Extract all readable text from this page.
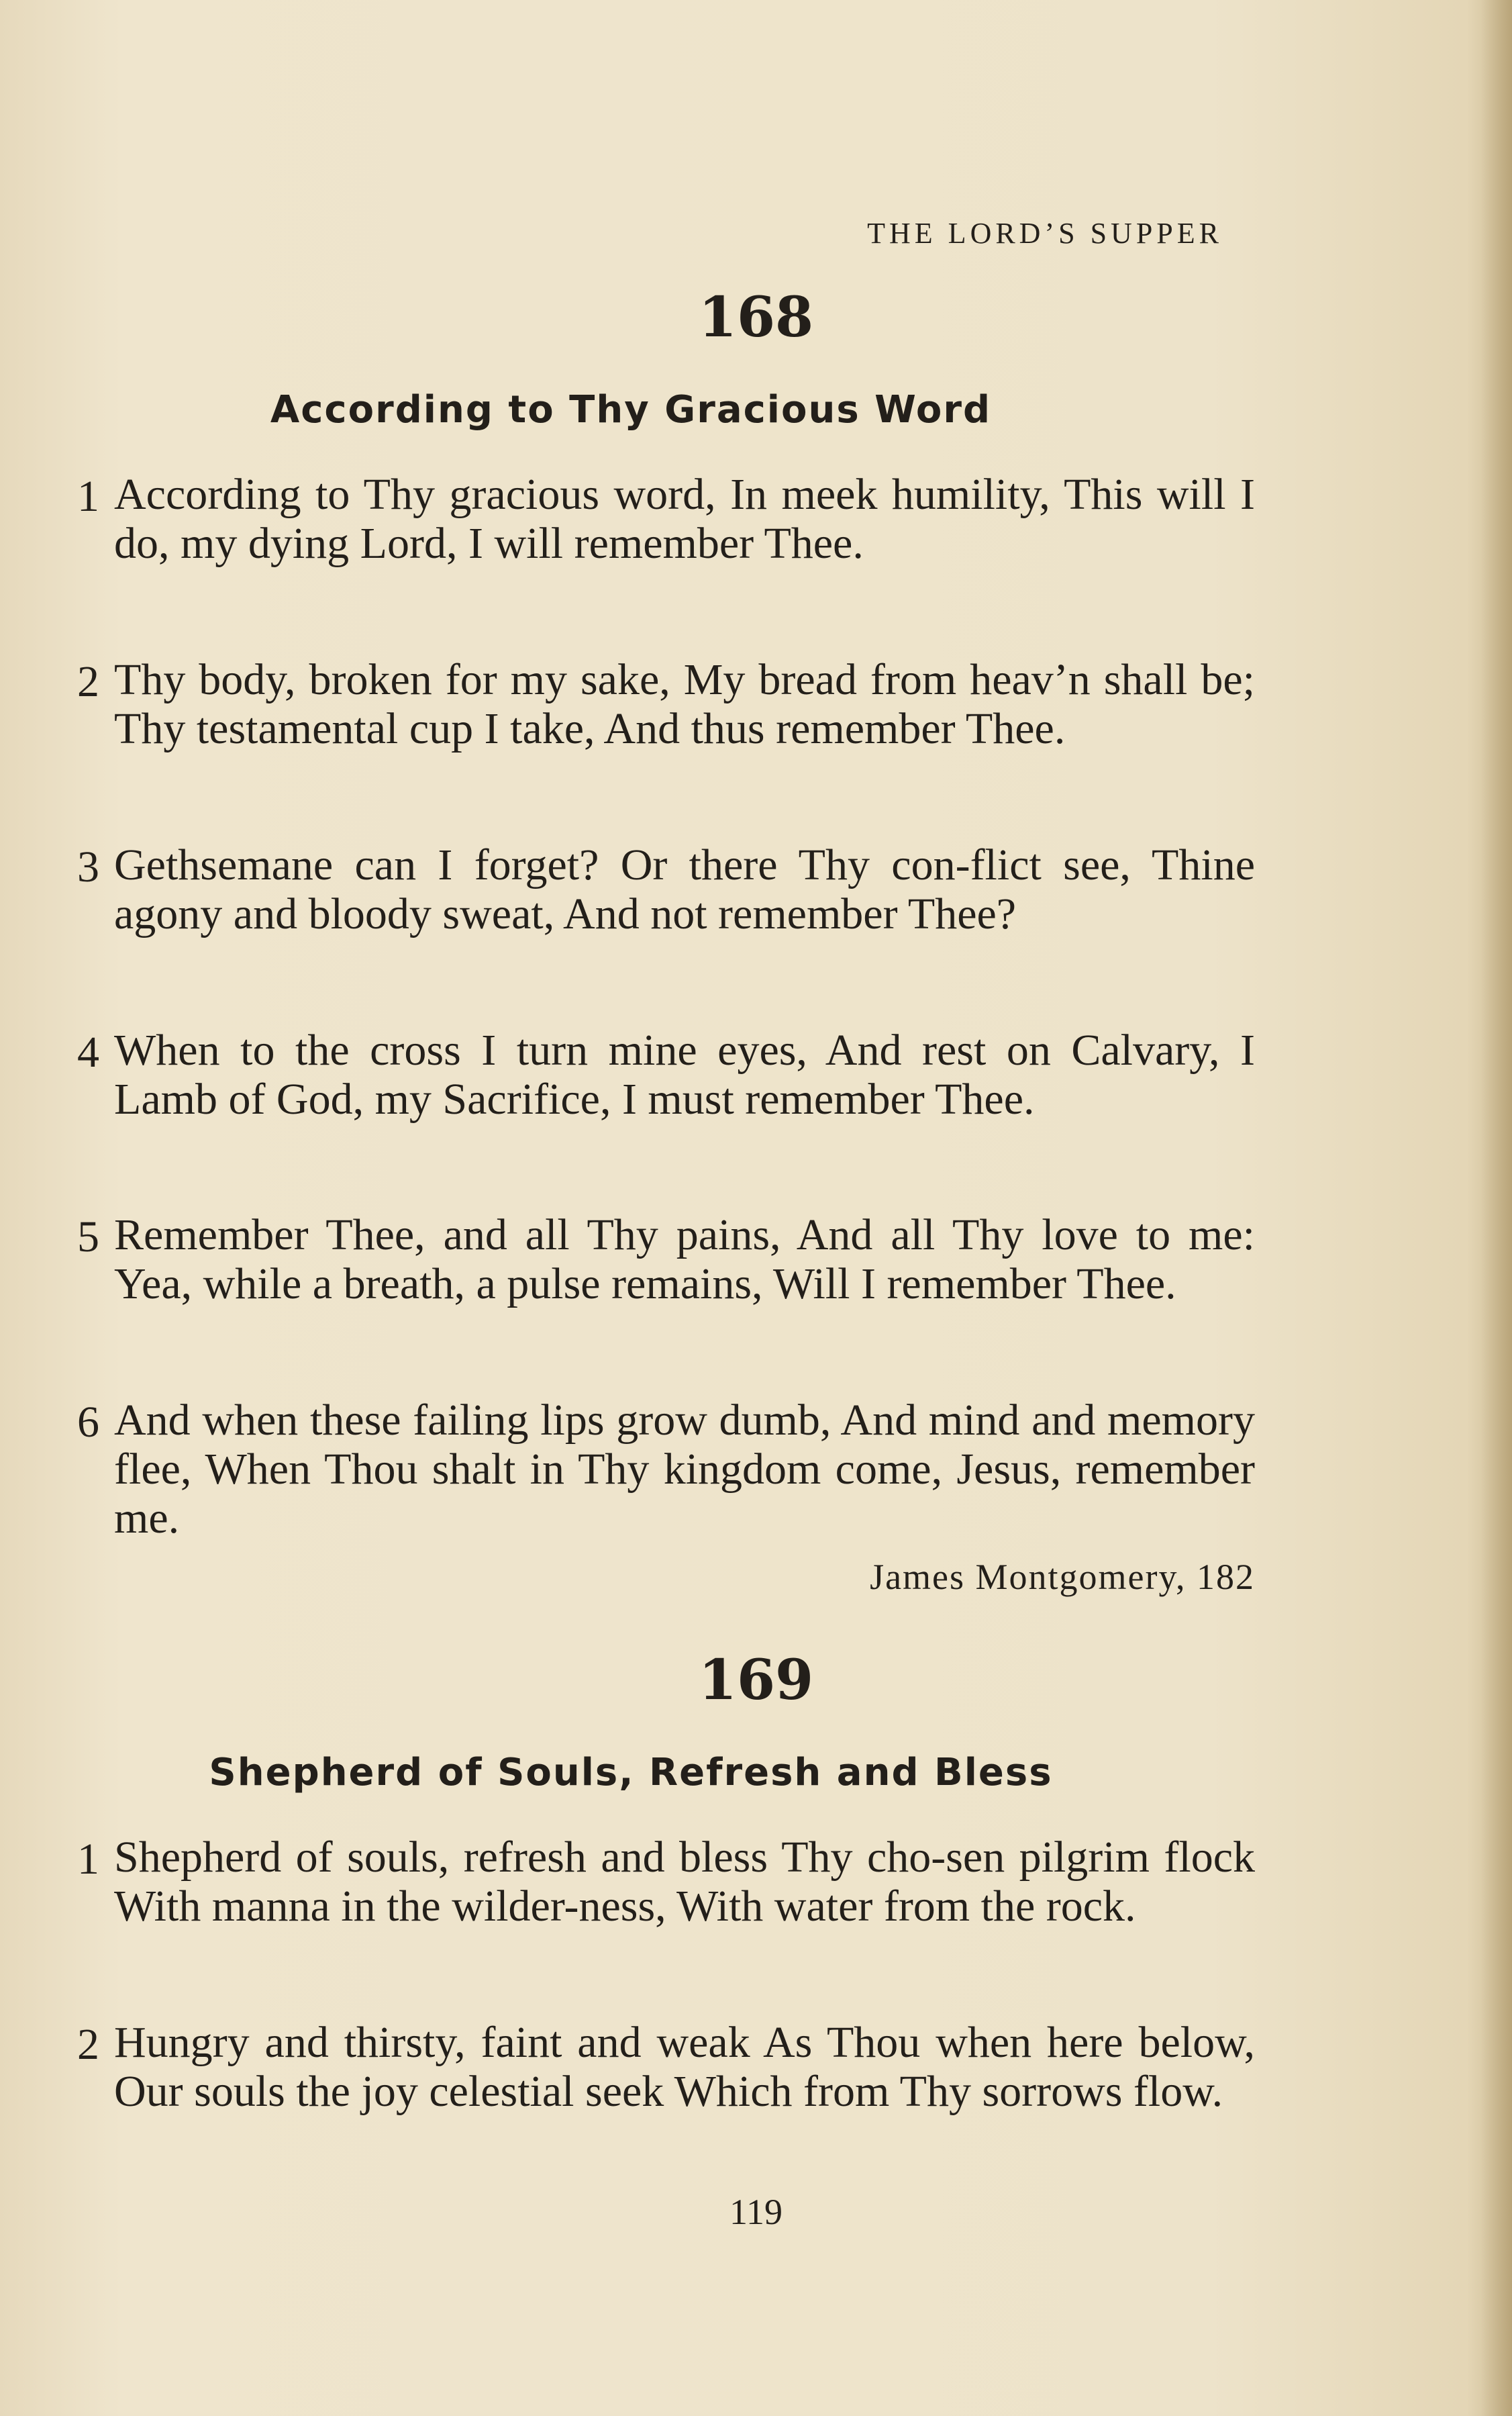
THE LORD’S SUPPER
168
According to Thy Gracious Word
1 According to Thy gracious word, In meek humility, This will I do, my dying Lord, I will remember Thee.

2 Thy body, broken for my sake, My bread from heav’n shall be; Thy testamental cup I take, And thus remember Thee.

3 Gethsemane can I forget? Or there Thy con-flict see, Thine agony and bloody sweat, And not remember Thee?

4 When to the cross I turn mine eyes, And rest on Calvary, I Lamb of God, my Sacrifice, I must remember Thee.

5 Remember Thee, and all Thy pains, And all Thy love to me: Yea, while a breath, a pulse remains, Will I remember Thee.

6 And when these failing lips grow dumb, And mind and memory flee, When Thou shalt in Thy kingdom come, Jesus, remember me.

James Montgomery, 182
169
Shepherd of Souls, Refresh and Bless
1 Shepherd of souls, refresh and bless Thy cho-sen pilgrim flock With manna in the wilder-ness, With water from the rock.

2 Hungry and thirsty, faint and weak As Thou when here below, Our souls the joy celestial seek Which from Thy sorrows flow.

119
